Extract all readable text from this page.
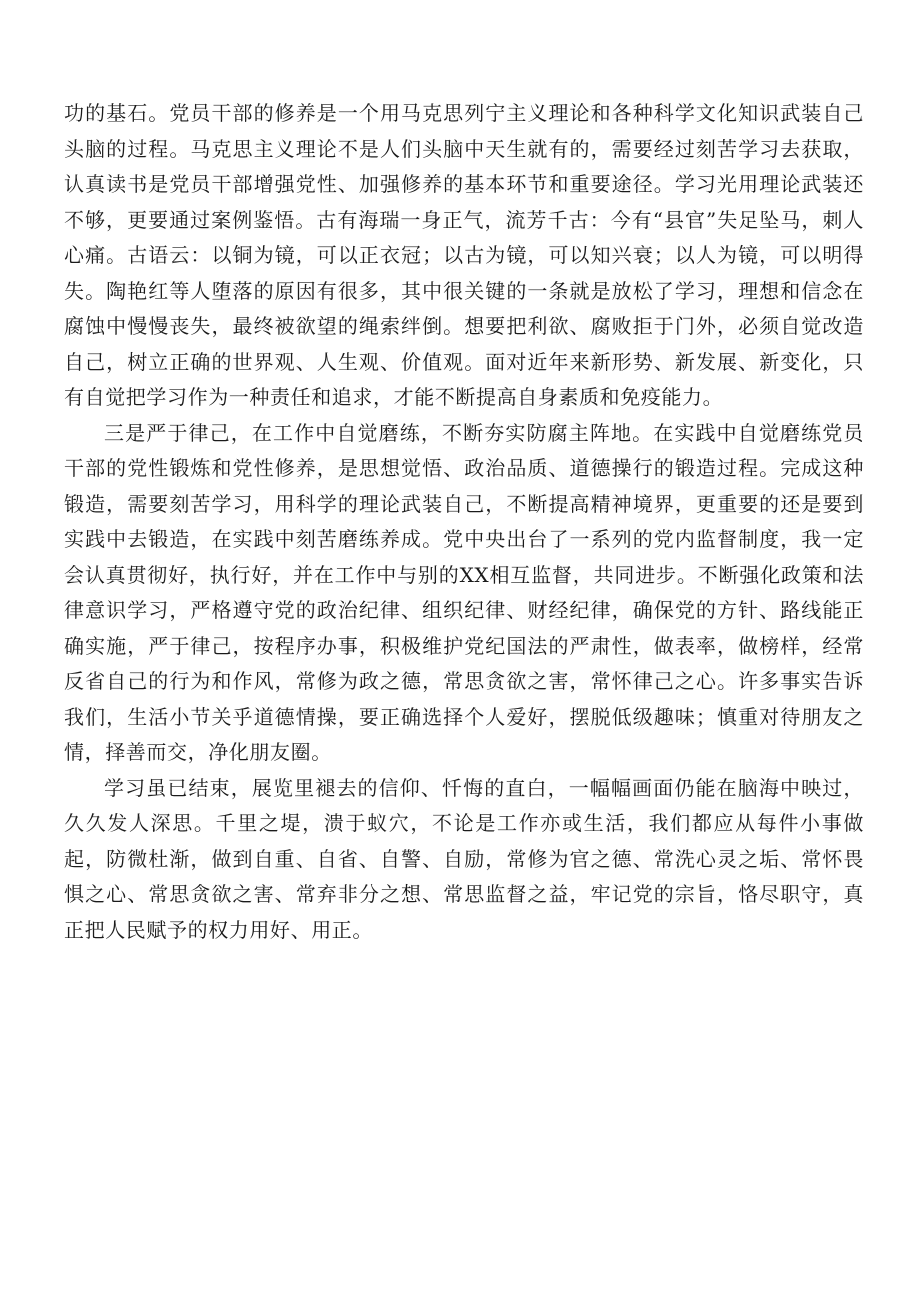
功的基石。党员干部的修养是一个用马克思列宁主义理论和各种科学文化知识武装自己头脑的过程。马克思主义理论不是人们头脑中天生就有的，需要经过刻苦学习去获取，认真读书是党员干部增强党性、加强修养的基本环节和重要途径。学习光用理论武装还不够，更要通过案例鉴悟。古有海瑞一身正气，流芳千古：今有“县官”失足坠马，刺人心痛。古语云：以铜为镜，可以正衣冠；以古为镜，可以知兴衰；以人为镜，可以明得失。陶艳红等人堕落的原因有很多，其中很关键的一条就是放松了学习，理想和信念在腐蚀中慢慢丧失，最终被欲望的绳索绊倒。想要把利欲、腐败拒于门外，必须自觉改造自己，树立正确的世界观、人生观、价值观。面对近年来新形势、新发展、新变化，只有自觉把学习作为一种责任和追求，才能不断提高自身素质和免疫能力。

三是严于律己，在工作中自觉磨练，不断夯实防腐主阵地。在实践中自觉磨练党员干部的党性锻炼和党性修养，是思想觉悟、政治品质、道德操行的锻造过程。完成这种锻造，需要刻苦学习，用科学的理论武装自己，不断提高精神境界，更重要的还是要到实践中去锻造，在实践中刻苦磨练养成。党中央出台了一系列的党内监督制度，我一定会认真贯彻好，执行好，并在工作中与别的XX相互监督，共同进步。不断强化政策和法律意识学习，严格遵守党的政治纪律、组织纪律、财经纪律，确保党的方针、路线能正确实施，严于律己，按程序办事，积极维护党纪国法的严肃性，做表率，做榜样，经常反省自己的行为和作风，常修为政之德，常思贪欲之害，常怀律己之心。许多事实告诉我们，生活小节关乎道德情操，要正确选择个人爱好，摆脱低级趣味；慎重对待朋友之情，择善而交，净化朋友圈。

学习虽已结束，展览里褪去的信仰、忏悔的直白，一幅幅画面仍能在脑海中映过，久久发人深思。千里之堤，溃于蚁穴，不论是工作亦或生活，我们都应从每件小事做起，防微杜渐，做到自重、自省、自警、自励，常修为官之德、常洗心灵之垢、常怀畏惧之心、常思贪欲之害、常弃非分之想、常思监督之益，牢记党的宗旨，恪尽职守，真正把人民赋予的权力用好、用正。
